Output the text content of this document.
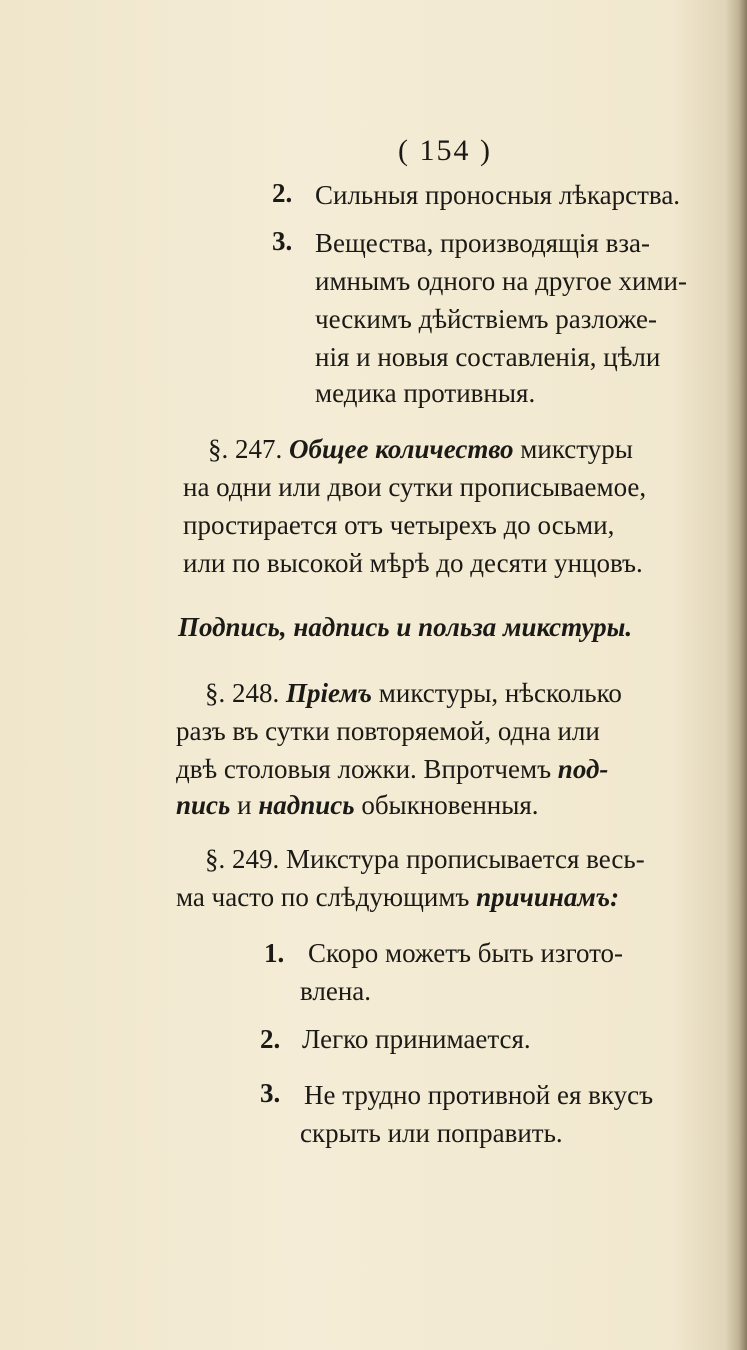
( 154 )
2. Сильныя проносныя лѣкарства.
3. Вещества, производящія вза-
имнымъ одного на другое хими-
ческимъ дѣйствіемъ разложе-
нія и новыя составленія, цѣли
медика противныя.
§. 247. Общее количество микстуры
на одни или двои сутки прописываемое,
простирается отъ четырехъ до осьми,
или по высокой мѣрѣ до десяти унцовъ.
Подпись, надпись и польза микстуры.
§. 248. Пріемъ микстуры, нѣсколько
разъ въ сутки повторяемой, одна или
двѣ столовыя ложки. Впротчемъ под-
пись и надпись обыкновенныя.
§. 249. Микстура прописывается весь-
ма часто по слѣдующимъ причинамъ:
1. Скоро можетъ быть изгото-
влена.
2. Легко принимается.
3. Не трудно противной ея вкусъ
скрыть или поправить.
